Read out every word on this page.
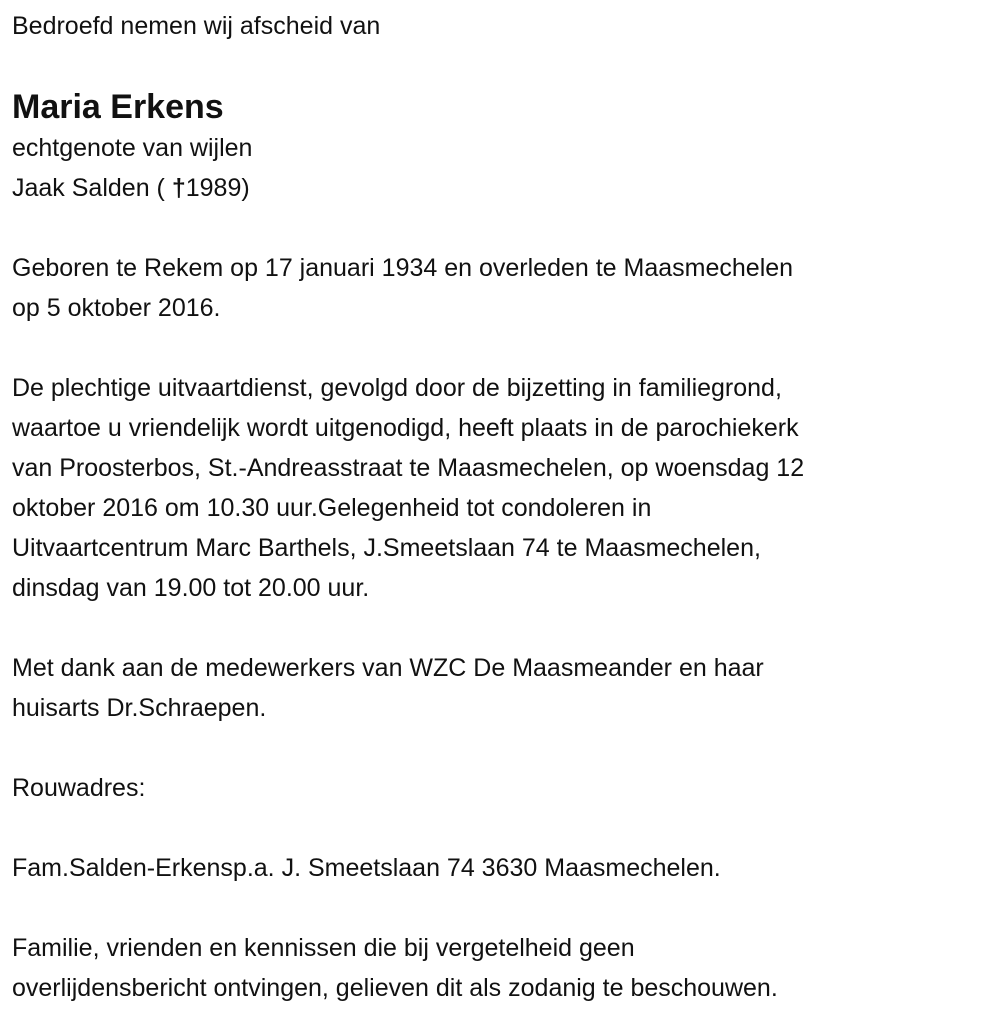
Bedroefd nemen wij afscheid van
Maria Erkens
echtgenote van wijlen
Jaak Salden ( †1989)
Geboren te Rekem op 17 januari 1934 en overleden te Maasmechelen
op 5 oktober 2016.
De plechtige uitvaartdienst, gevolgd door de bijzetting in familiegrond,
waartoe u vriendelijk wordt uitgenodigd, heeft plaats in de parochiekerk
van Proosterbos, St.-Andreasstraat te Maasmechelen, op woensdag 12
oktober 2016 om 10.30 uur.Gelegenheid tot condoleren in
Uitvaartcentrum Marc Barthels, J.Smeetslaan 74 te Maasmechelen,
dinsdag van 19.00 tot 20.00 uur.
Met dank aan de medewerkers van WZC De Maasmeander en haar
huisarts Dr.Schraepen.
Rouwadres:
Fam.Salden-Erkensp.a. J. Smeetslaan 74 3630 Maasmechelen.
Familie, vrienden en kennissen die bij vergetelheid geen
overlijdensbericht ontvingen, gelieven dit als zodanig te beschouwen.
